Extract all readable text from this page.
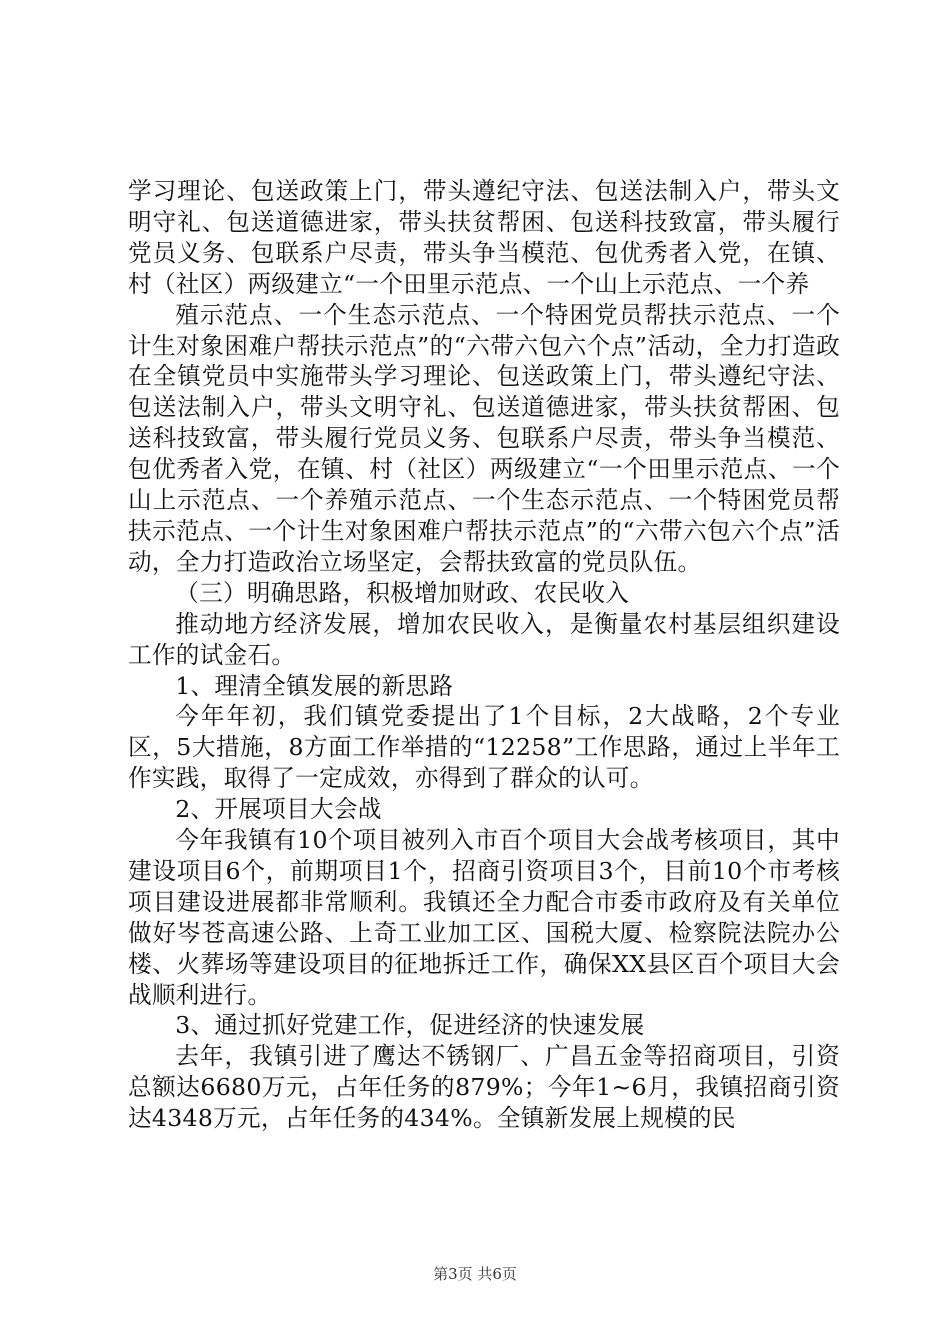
学习理论、包送政策上门，带头遵纪守法、包送法制入户，带头文明守礼、包送道德进家，带头扶贫帮困、包送科技致富，带头履行党员义务、包联系户尽责，带头争当模范、包优秀者入党，在镇、村（社区）两级建立“一个田里示范点、一个山上示范点、一个养

殖示范点、一个生态示范点、一个特困党员帮扶示范点、一个计生对象困难户帮扶示范点”的“六带六包六个点”活动，全力打造政在全镇党员中实施带头学习理论、包送政策上门，带头遵纪守法、包送法制入户，带头文明守礼、包送道德进家，带头扶贫帮困、包送科技致富，带头履行党员义务、包联系户尽责，带头争当模范、包优秀者入党，在镇、村（社区）两级建立“一个田里示范点、一个山上示范点、一个养殖示范点、一个生态示范点、一个特困党员帮扶示范点、一个计生对象困难户帮扶示范点”的“六带六包六个点”活动，全力打造政治立场坚定，会帮扶致富的党员队伍。

（三）明确思路，积极增加财政、农民收入

推动地方经济发展，增加农民收入，是衡量农村基层组织建设工作的试金石。

1、理清全镇发展的新思路

今年年初，我们镇党委提出了1个目标，2大战略，2个专业区，5大措施，8方面工作举措的“12258”工作思路，通过上半年工作实践，取得了一定成效，亦得到了群众的认可。

2、开展项目大会战

今年我镇有10个项目被列入市百个项目大会战考核项目，其中建设项目6个，前期项目1个，招商引资项目3个，目前10个市考核项目建设进展都非常顺利。我镇还全力配合市委市政府及有关单位做好岑苍高速公路、上奇工业加工区、国税大厦、检察院法院办公楼、火葬场等建设项目的征地拆迁工作，确保XX县区百个项目大会战顺利进行。

3、通过抓好党建工作，促进经济的快速发展

去年，我镇引进了鹰达不锈钢厂、广昌五金等招商项目，引资总额达6680万元，占年任务的879%；今年1~6月，我镇招商引资达4348万元，占年任务的434%。全镇新发展上规模的民

第3页 共6页
